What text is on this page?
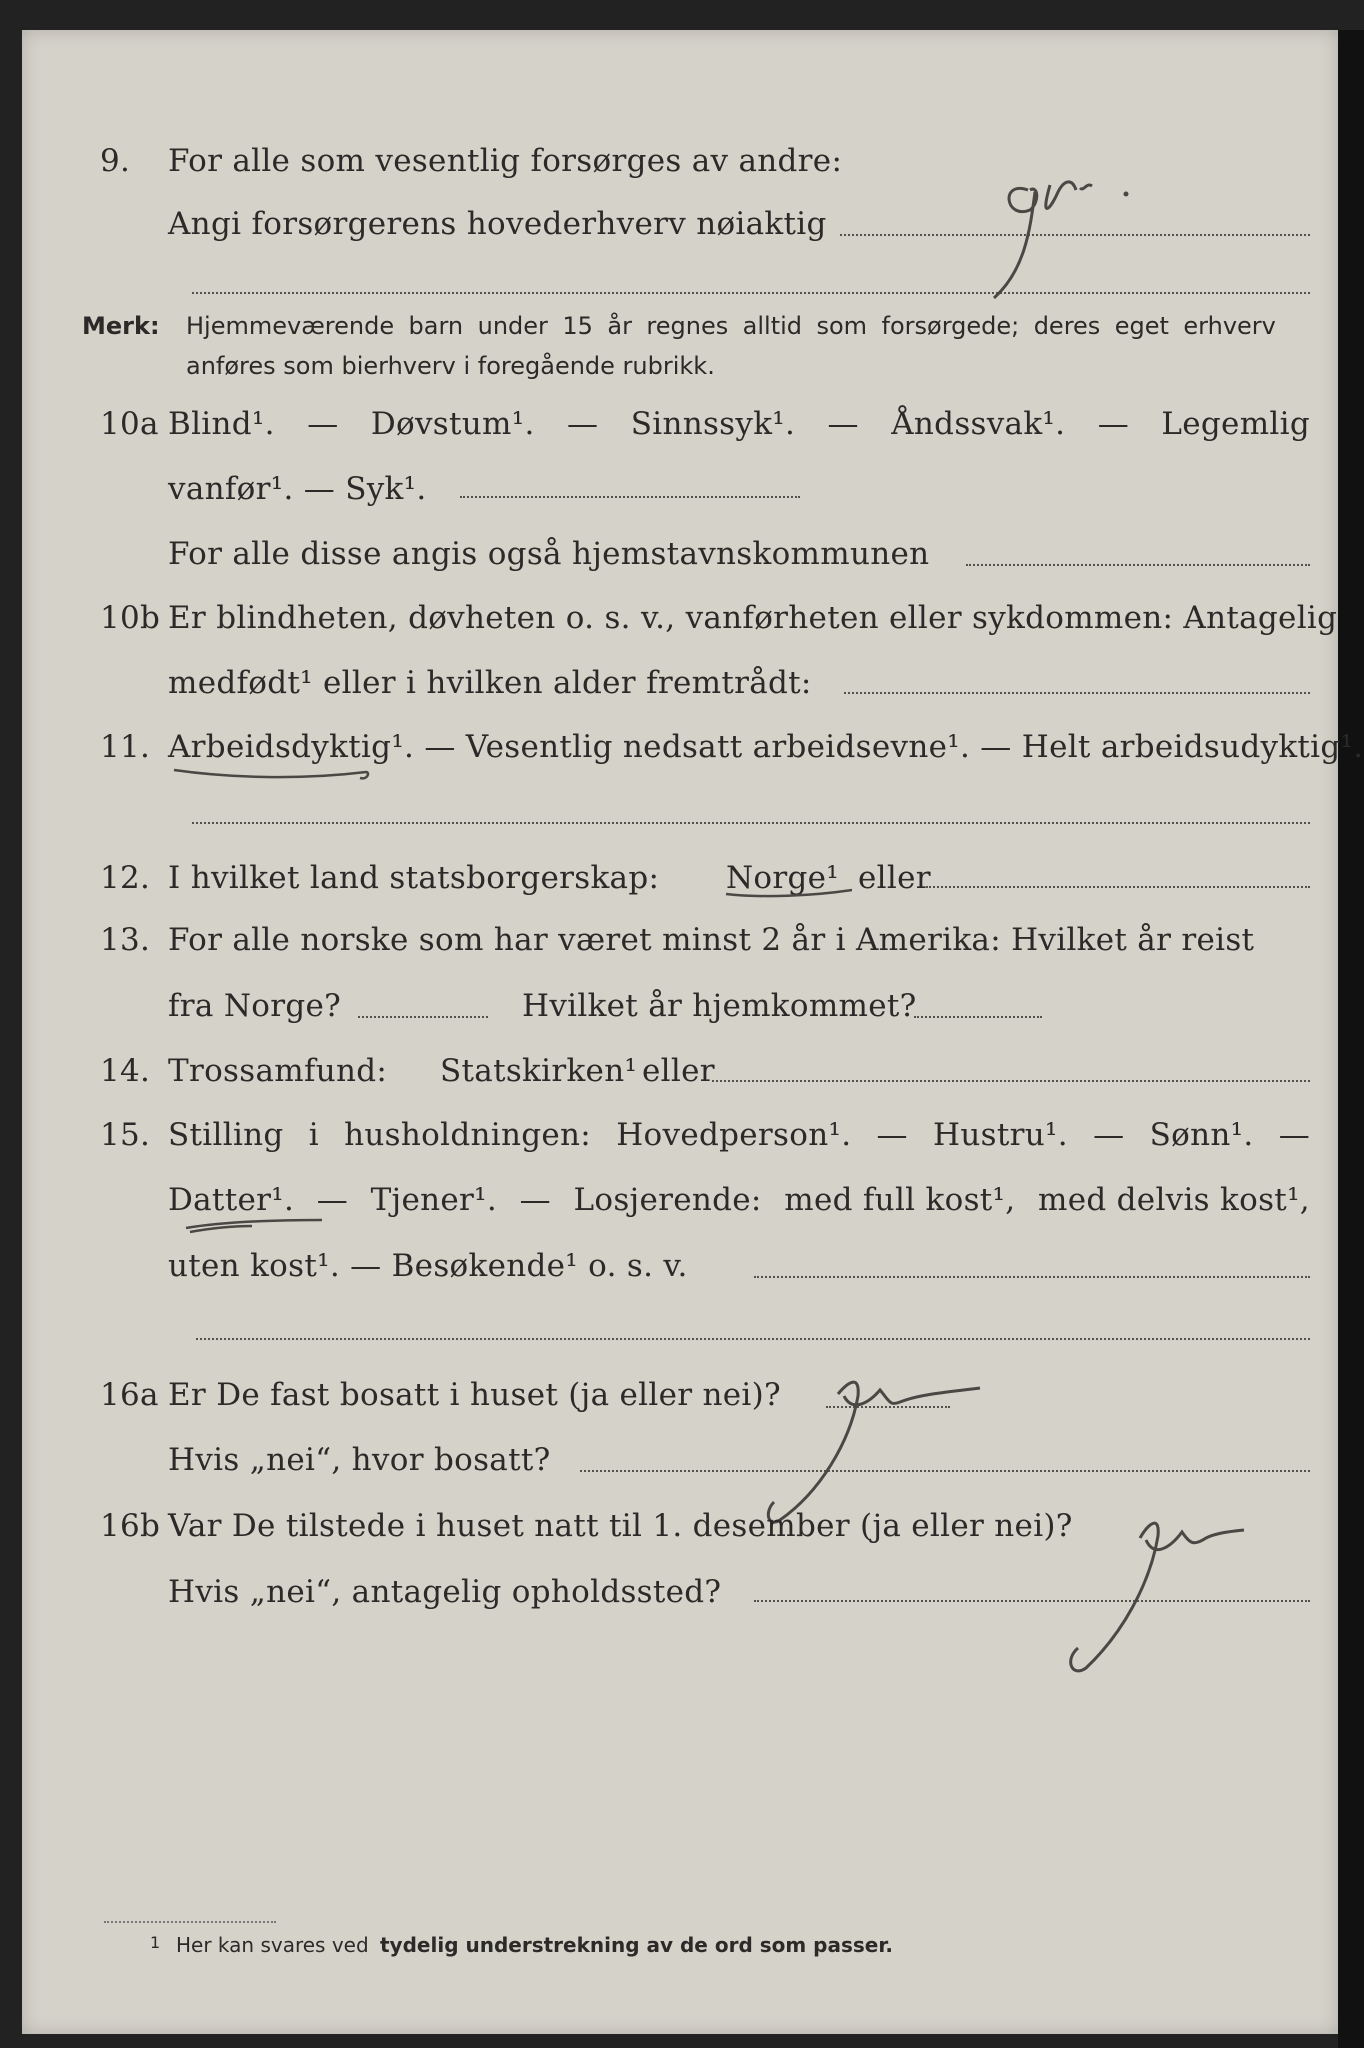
9. For alle som vesentlig forsørges av andre:
Angi forsørgerens hovederhverv nøiaktig	gbr.
Merk: Hjemmeværende barn under 15 år regnes alltid som forsørgede; deres eget erhverv
anføres som bierhverv i foregående rubrikk.
10a Blind¹. — Døvstum¹. — Sinnssyk¹. — Åndssvak¹. — Legemlig
vanfør¹. — Syk¹.
For alle disse angis også hjemstavnskommunen
10b Er blindheten, døvheten o. s. v., vanførheten eller sykdommen: Antagelig
medfødt¹ eller i hvilken alder fremtrådt:
11. Arbeidsdyktig¹. — Vesentlig nedsatt arbeidsevne¹. — Helt arbeidsudyktig¹.
12. I hvilket land statsborgerskap: Norge¹ eller
13. For alle norske som har været minst 2 år i Amerika: Hvilket år reist
fra Norge?	Hvilket år hjemkommet?
14. Trossamfund: Statskirken¹ eller
15. Stilling i husholdningen: Hovedperson¹. — Hustru¹. — Sønn¹. —
Datter¹. — Tjener¹. — Losjerende: med full kost¹, med delvis kost¹,
uten kost¹. — Besøkende¹ o. s. v.
16a Er De fast bosatt i huset (ja eller nei)?
Hvis „nei“, hvor bosatt?	ja
16b Var De tilstede i huset natt til 1. desember (ja eller nei)?
Hvis „nei“, antagelig opholdssted?	ja
1 Her kan svares ved tydelig understrekning av de ord som passer.
